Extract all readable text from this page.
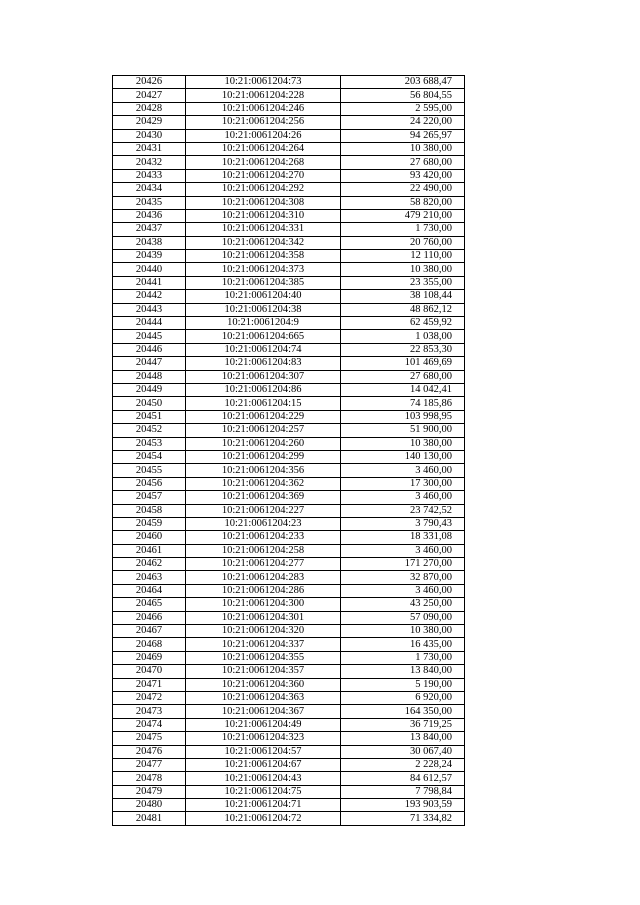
20426	10:21:0061204:73	203 688,47
20427	10:21:0061204:228	56 804,55
20428	10:21:0061204:246	2 595,00
20429	10:21:0061204:256	24 220,00
20430	10:21:0061204:26	94 265,97
20431	10:21:0061204:264	10 380,00
20432	10:21:0061204:268	27 680,00
20433	10:21:0061204:270	93 420,00
20434	10:21:0061204:292	22 490,00
20435	10:21:0061204:308	58 820,00
20436	10:21:0061204:310	479 210,00
20437	10:21:0061204:331	1 730,00
20438	10:21:0061204:342	20 760,00
20439	10:21:0061204:358	12 110,00
20440	10:21:0061204:373	10 380,00
20441	10:21:0061204:385	23 355,00
20442	10:21:0061204:40	38 108,44
20443	10:21:0061204:38	48 862,12
20444	10:21:0061204:9	62 459,92
20445	10:21:0061204:665	1 038,00
20446	10:21:0061204:74	22 853,30
20447	10:21:0061204:83	101 469,69
20448	10:21:0061204:307	27 680,00
20449	10:21:0061204:86	14 042,41
20450	10:21:0061204:15	74 185,86
20451	10:21:0061204:229	103 998,95
20452	10:21:0061204:257	51 900,00
20453	10:21:0061204:260	10 380,00
20454	10:21:0061204:299	140 130,00
20455	10:21:0061204:356	3 460,00
20456	10:21:0061204:362	17 300,00
20457	10:21:0061204:369	3 460,00
20458	10:21:0061204:227	23 742,52
20459	10:21:0061204:23	3 790,43
20460	10:21:0061204:233	18 331,08
20461	10:21:0061204:258	3 460,00
20462	10:21:0061204:277	171 270,00
20463	10:21:0061204:283	32 870,00
20464	10:21:0061204:286	3 460,00
20465	10:21:0061204:300	43 250,00
20466	10:21:0061204:301	57 090,00
20467	10:21:0061204:320	10 380,00
20468	10:21:0061204:337	16 435,00
20469	10:21:0061204:355	1 730,00
20470	10:21:0061204:357	13 840,00
20471	10:21:0061204:360	5 190,00
20472	10:21:0061204:363	6 920,00
20473	10:21:0061204:367	164 350,00
20474	10:21:0061204:49	36 719,25
20475	10:21:0061204:323	13 840,00
20476	10:21:0061204:57	30 067,40
20477	10:21:0061204:67	2 228,24
20478	10:21:0061204:43	84 612,57
20479	10:21:0061204:75	7 798,84
20480	10:21:0061204:71	193 903,59
20481	10:21:0061204:72	71 334,82
